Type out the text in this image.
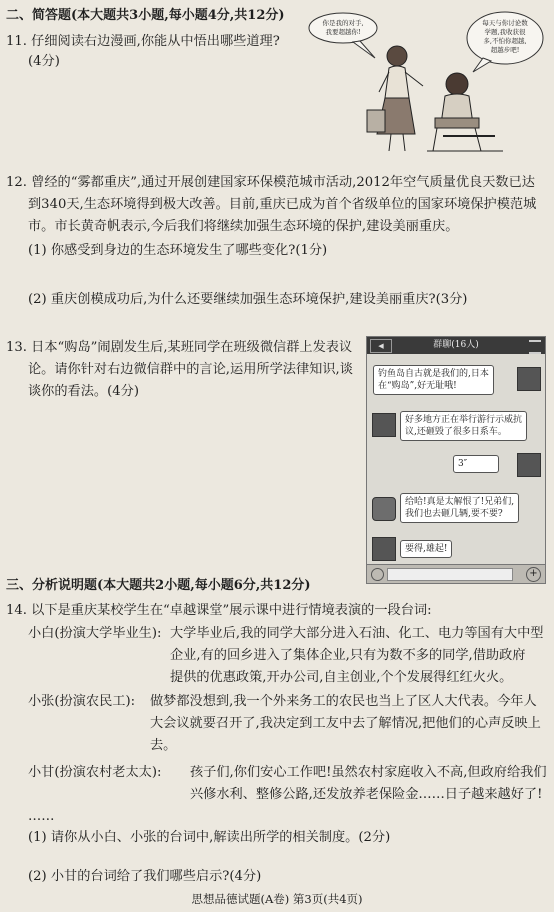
二、简答题(本大题共3小题,每小题4分,共12分)
11. 仔细阅读右边漫画,你能从中悟出哪些道理?
(4分)
你是我的对手,
我要超越你!
每天与你讨论数
学题,我收获很
多,不怕你超越,
超越步吧!
12. 曾经的“雾都重庆”,通过开展创建国家环保模范城市活动,2012年空气质量优良天数已达
到340天,生态环境得到极大改善。目前,重庆已成为首个省级单位的国家环境保护模范城
市。市长黄奇帆表示,今后我们将继续加强生态环境的保护,建设美丽重庆。
(1) 你感受到身边的生态环境发生了哪些变化?(1分)
(2) 重庆创模成功后,为什么还要继续加强生态环境保护,建设美丽重庆?(3分)
13. 日本“购岛”闹剧发生后,某班同学在班级微信群上发表议
论。请你针对右边微信群中的言论,运用所学法律知识,谈
谈你的看法。(4分)
◀	群聊(16人)
钓鱼岛自古就是我们的,日本
在“购岛”,好无耻哦!
好多地方正在举行游行示威抗
议,还砸毁了很多日系车。
3″
给哈!真是太解恨了!兄弟们,
我们也去砸几辆,要不要?
要得,雄起!
+
三、分析说明题(本大题共2小题,每小题6分,共12分)
14. 以下是重庆某校学生在“卓越课堂”展示课中进行情境表演的一段台词:
小白(扮演大学毕业生): 大学毕业后,我的同学大部分进入石油、化工、电力等国有大中型
企业,有的回乡进入了集体企业,只有为数不多的同学,借助政府
提供的优惠政策,开办公司,自主创业,个个发展得红红火火。
小张(扮演农民工): 做梦都没想到,我一个外来务工的农民也当上了区人大代表。今年人
大会议就要召开了,我决定到工友中去了解情况,把他们的心声反映上
去。
小甘(扮演农村老太太): 孩子们,你们安心工作吧!虽然农村家庭收入不高,但政府给我们
兴修水利、整修公路,还发放养老保险金……日子越来越好了!
……
(1) 请你从小白、小张的台词中,解读出所学的相关制度。(2分)
(2) 小甘的台词给了我们哪些启示?(4分)
思想品德试题(A卷) 第3页(共4页)
